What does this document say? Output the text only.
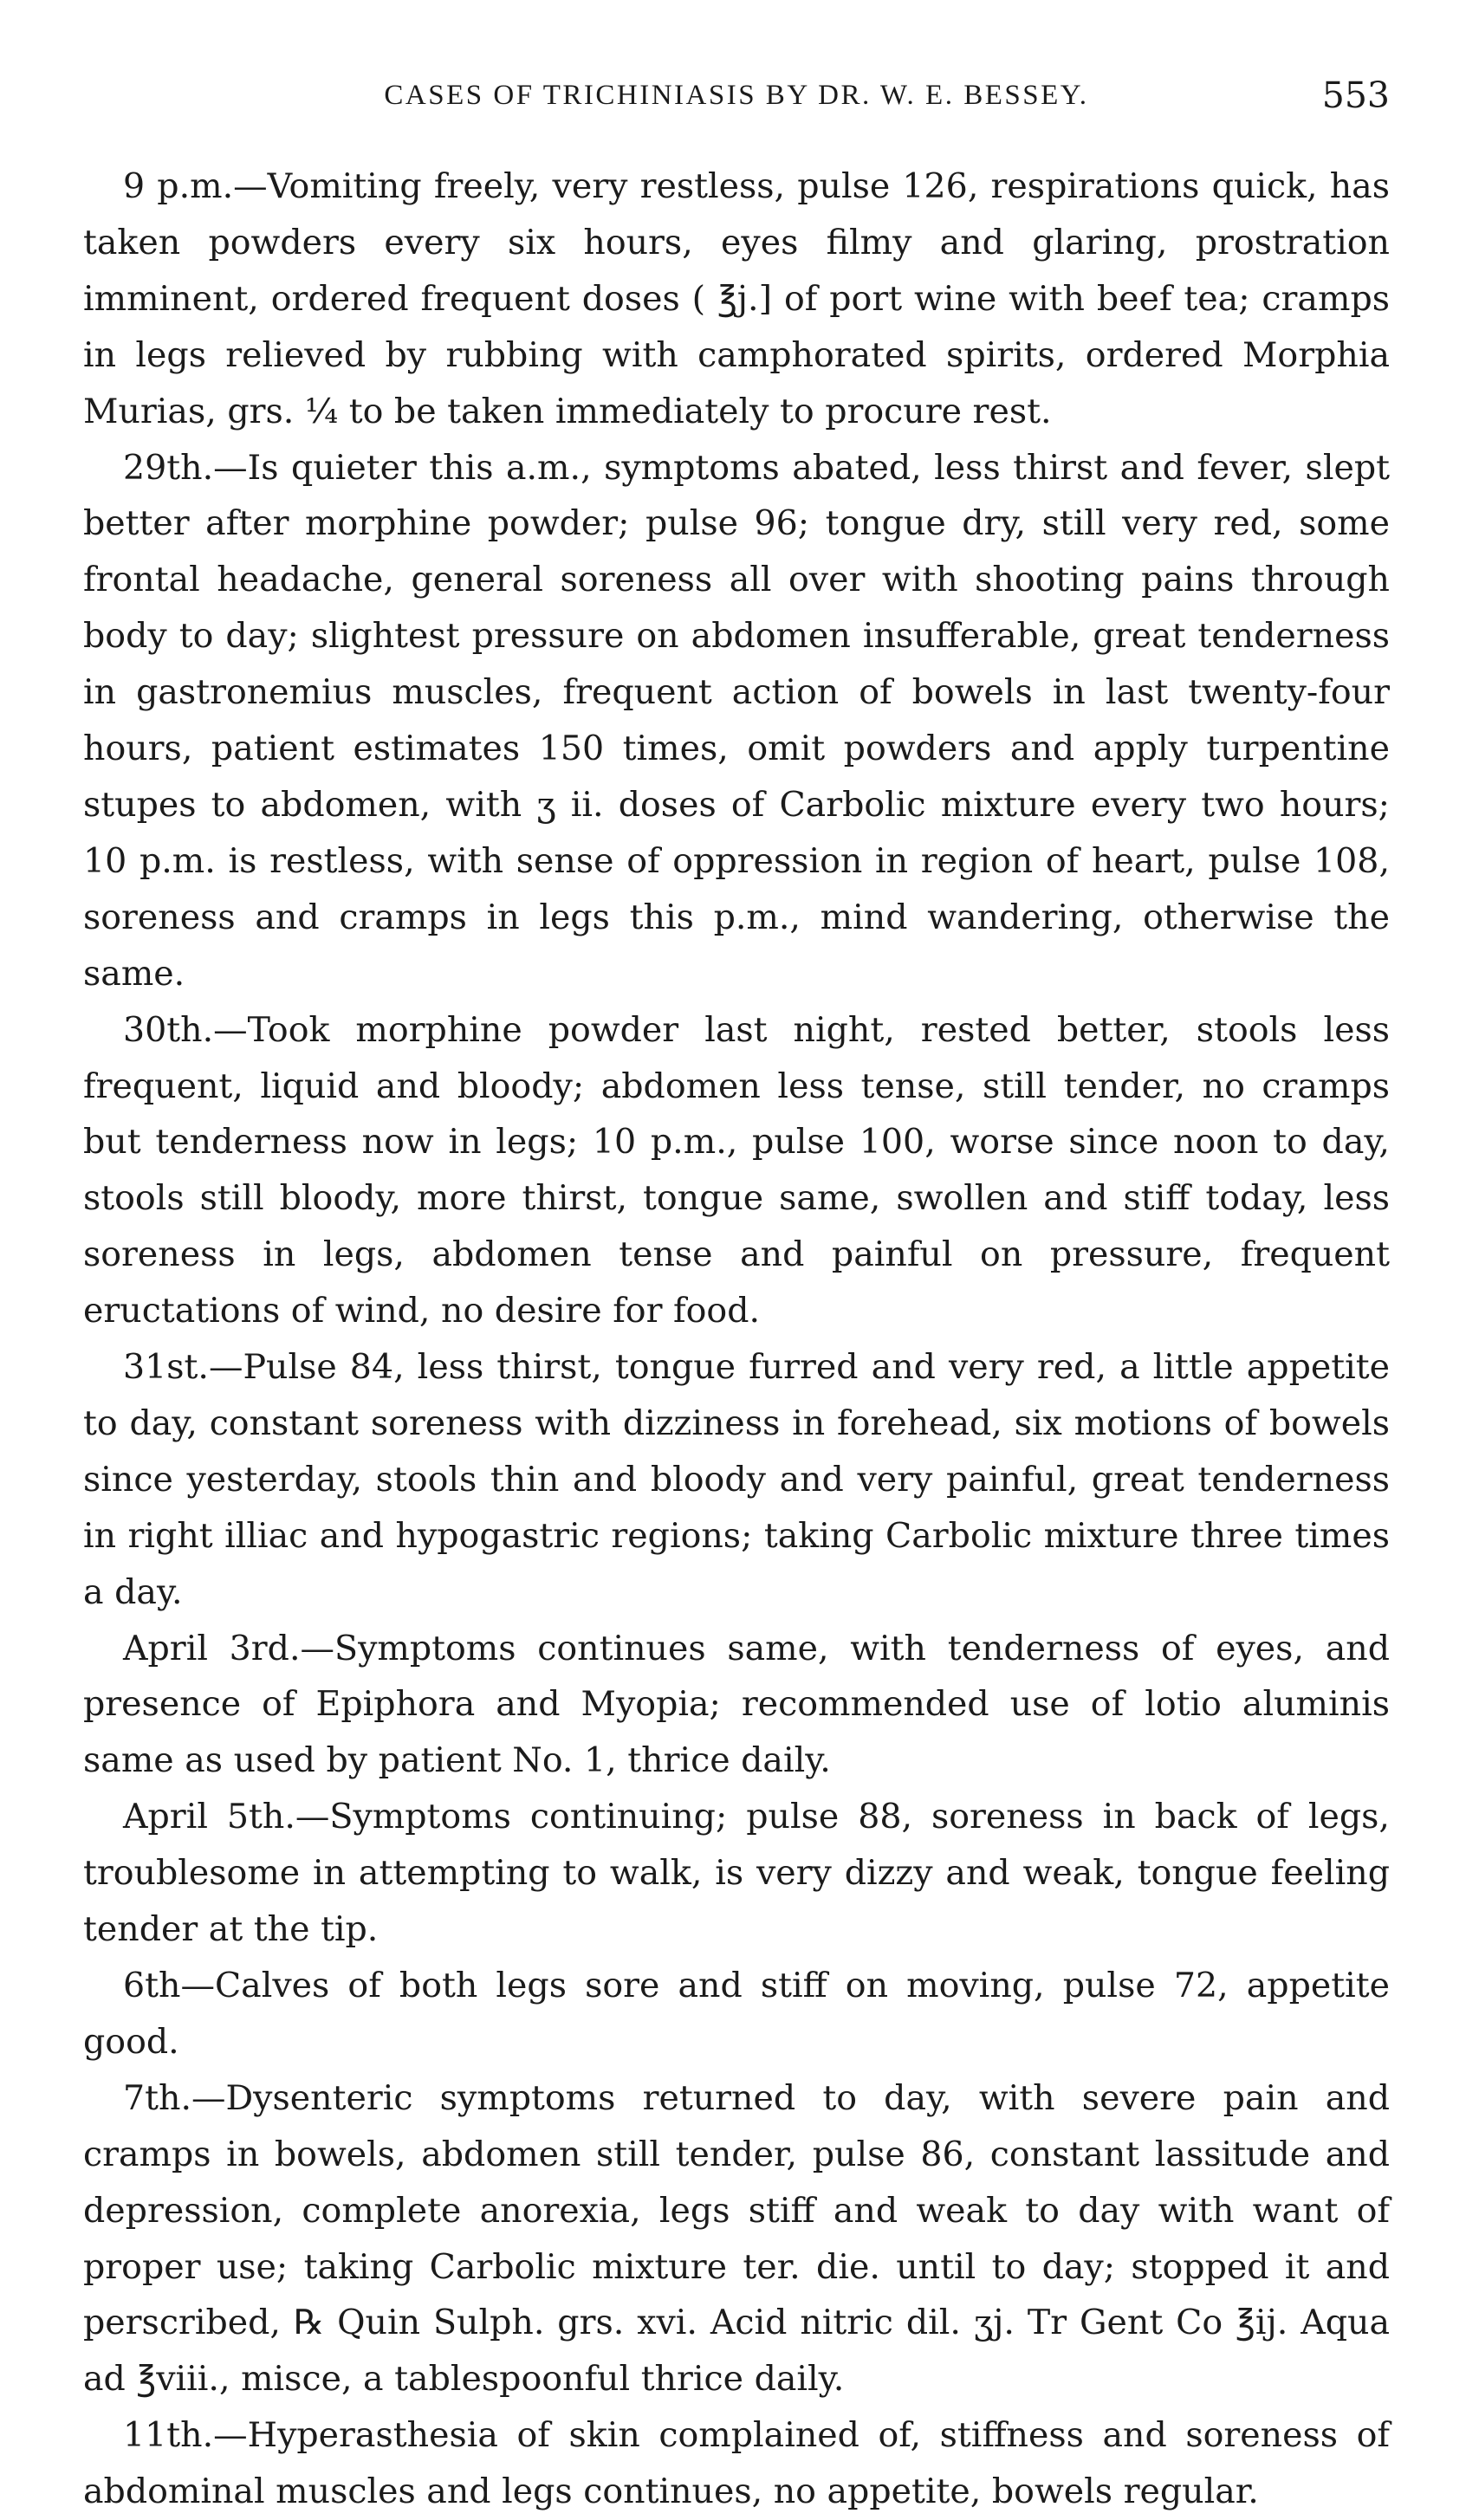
CASES OF TRICHINIASIS BY DR. W. E. BESSEY.	553

9 p.m.—Vomiting freely, very restless, pulse 126, respirations quick, has taken powders every six hours, eyes filmy and glaring, prostration imminent, ordered frequent doses ( ℥j.] of port wine with beef tea; cramps in legs relieved by rubbing with camphorated spirits, ordered Morphia Murias, grs. ¼ to be taken immediately to procure rest.

29th.—Is quieter this a.m., symptoms abated, less thirst and fever, slept better after morphine powder; pulse 96; tongue dry, still very red, some frontal headache, general soreness all over with shooting pains through body to day; slightest pressure on abdomen insufferable, great tenderness in gastronemius muscles, frequent action of bowels in last twenty-four hours, patient estimates 150 times, omit powders and apply turpentine stupes to abdomen, with ʒ ii. doses of Carbolic mixture every two hours; 10 p.m. is restless, with sense of oppression in region of heart, pulse 108, soreness and cramps in legs this p.m., mind wandering, otherwise the same.

30th.—Took morphine powder last night, rested better, stools less frequent, liquid and bloody; abdomen less tense, still tender, no cramps but tenderness now in legs; 10 p.m., pulse 100, worse since noon to day, stools still bloody, more thirst, tongue same, swollen and stiff today, less soreness in legs, abdomen tense and painful on pressure, frequent eructations of wind, no desire for food.

31st.—Pulse 84, less thirst, tongue furred and very red, a little appetite to day, constant soreness with dizziness in forehead, six motions of bowels since yesterday, stools thin and bloody and very painful, great tenderness in right illiac and hypogastric regions; taking Carbolic mixture three times a day.

April 3rd.—Symptoms continues same, with tenderness of eyes, and presence of Epiphora and Myopia; recommended use of lotio aluminis same as used by patient No. 1, thrice daily.

April 5th.—Symptoms continuing; pulse 88, soreness in back of legs, troublesome in attempting to walk, is very dizzy and weak, tongue feeling tender at the tip.

6th—Calves of both legs sore and stiff on moving, pulse 72, appetite good.

7th.—Dysenteric symptoms returned to day, with severe pain and cramps in bowels, abdomen still tender, pulse 86, constant lassitude and depression, complete anorexia, legs stiff and weak to day with want of proper use; taking Carbolic mixture ter. die. until to day; stopped it and perscribed, ℞ Quin Sulph. grs. xvi. Acid nitric dil. ʒj. Tr Gent Co ℥ij. Aqua ad ℥viii., misce, a tablespoonful thrice daily.

11th.—Hyperasthesia of skin complained of, stiffness and soreness of abdominal muscles and legs continues, no appetite, bowels regular.
